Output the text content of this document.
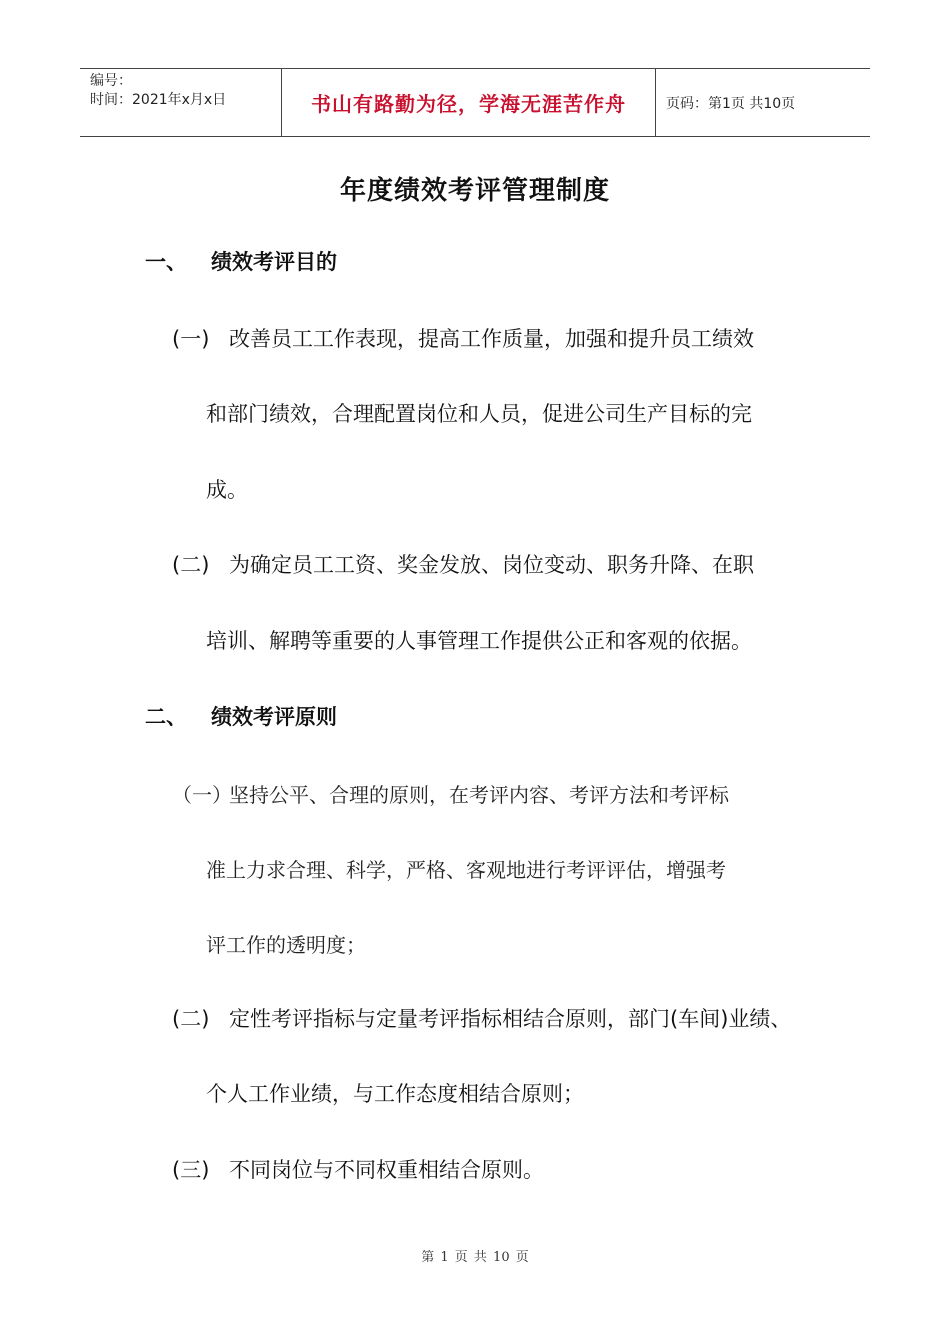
编号：
时间：2021年x月x日	书山有路勤为径，学海无涯苦作舟	页码：第1页 共10页
年度绩效考评管理制度
一、	绩效考评目的
(一) 改善员工工作表现，提高工作质量，加强和提升员工绩效
和部门绩效，合理配置岗位和人员，促进公司生产目标的完
成。
(二) 为确定员工工资、奖金发放、岗位变动、职务升降、在职
培训、解聘等重要的人事管理工作提供公正和客观的依据。
二、	绩效考评原则
（一）坚持公平、合理的原则，在考评内容、考评方法和考评标
准上力求合理、科学，严格、客观地进行考评评估，增强考
评工作的透明度；
(二) 定性考评指标与定量考评指标相结合原则，部门(车间)业绩、
个人工作业绩，与工作态度相结合原则；
(三) 不同岗位与不同权重相结合原则。
第 1 页 共 10 页
